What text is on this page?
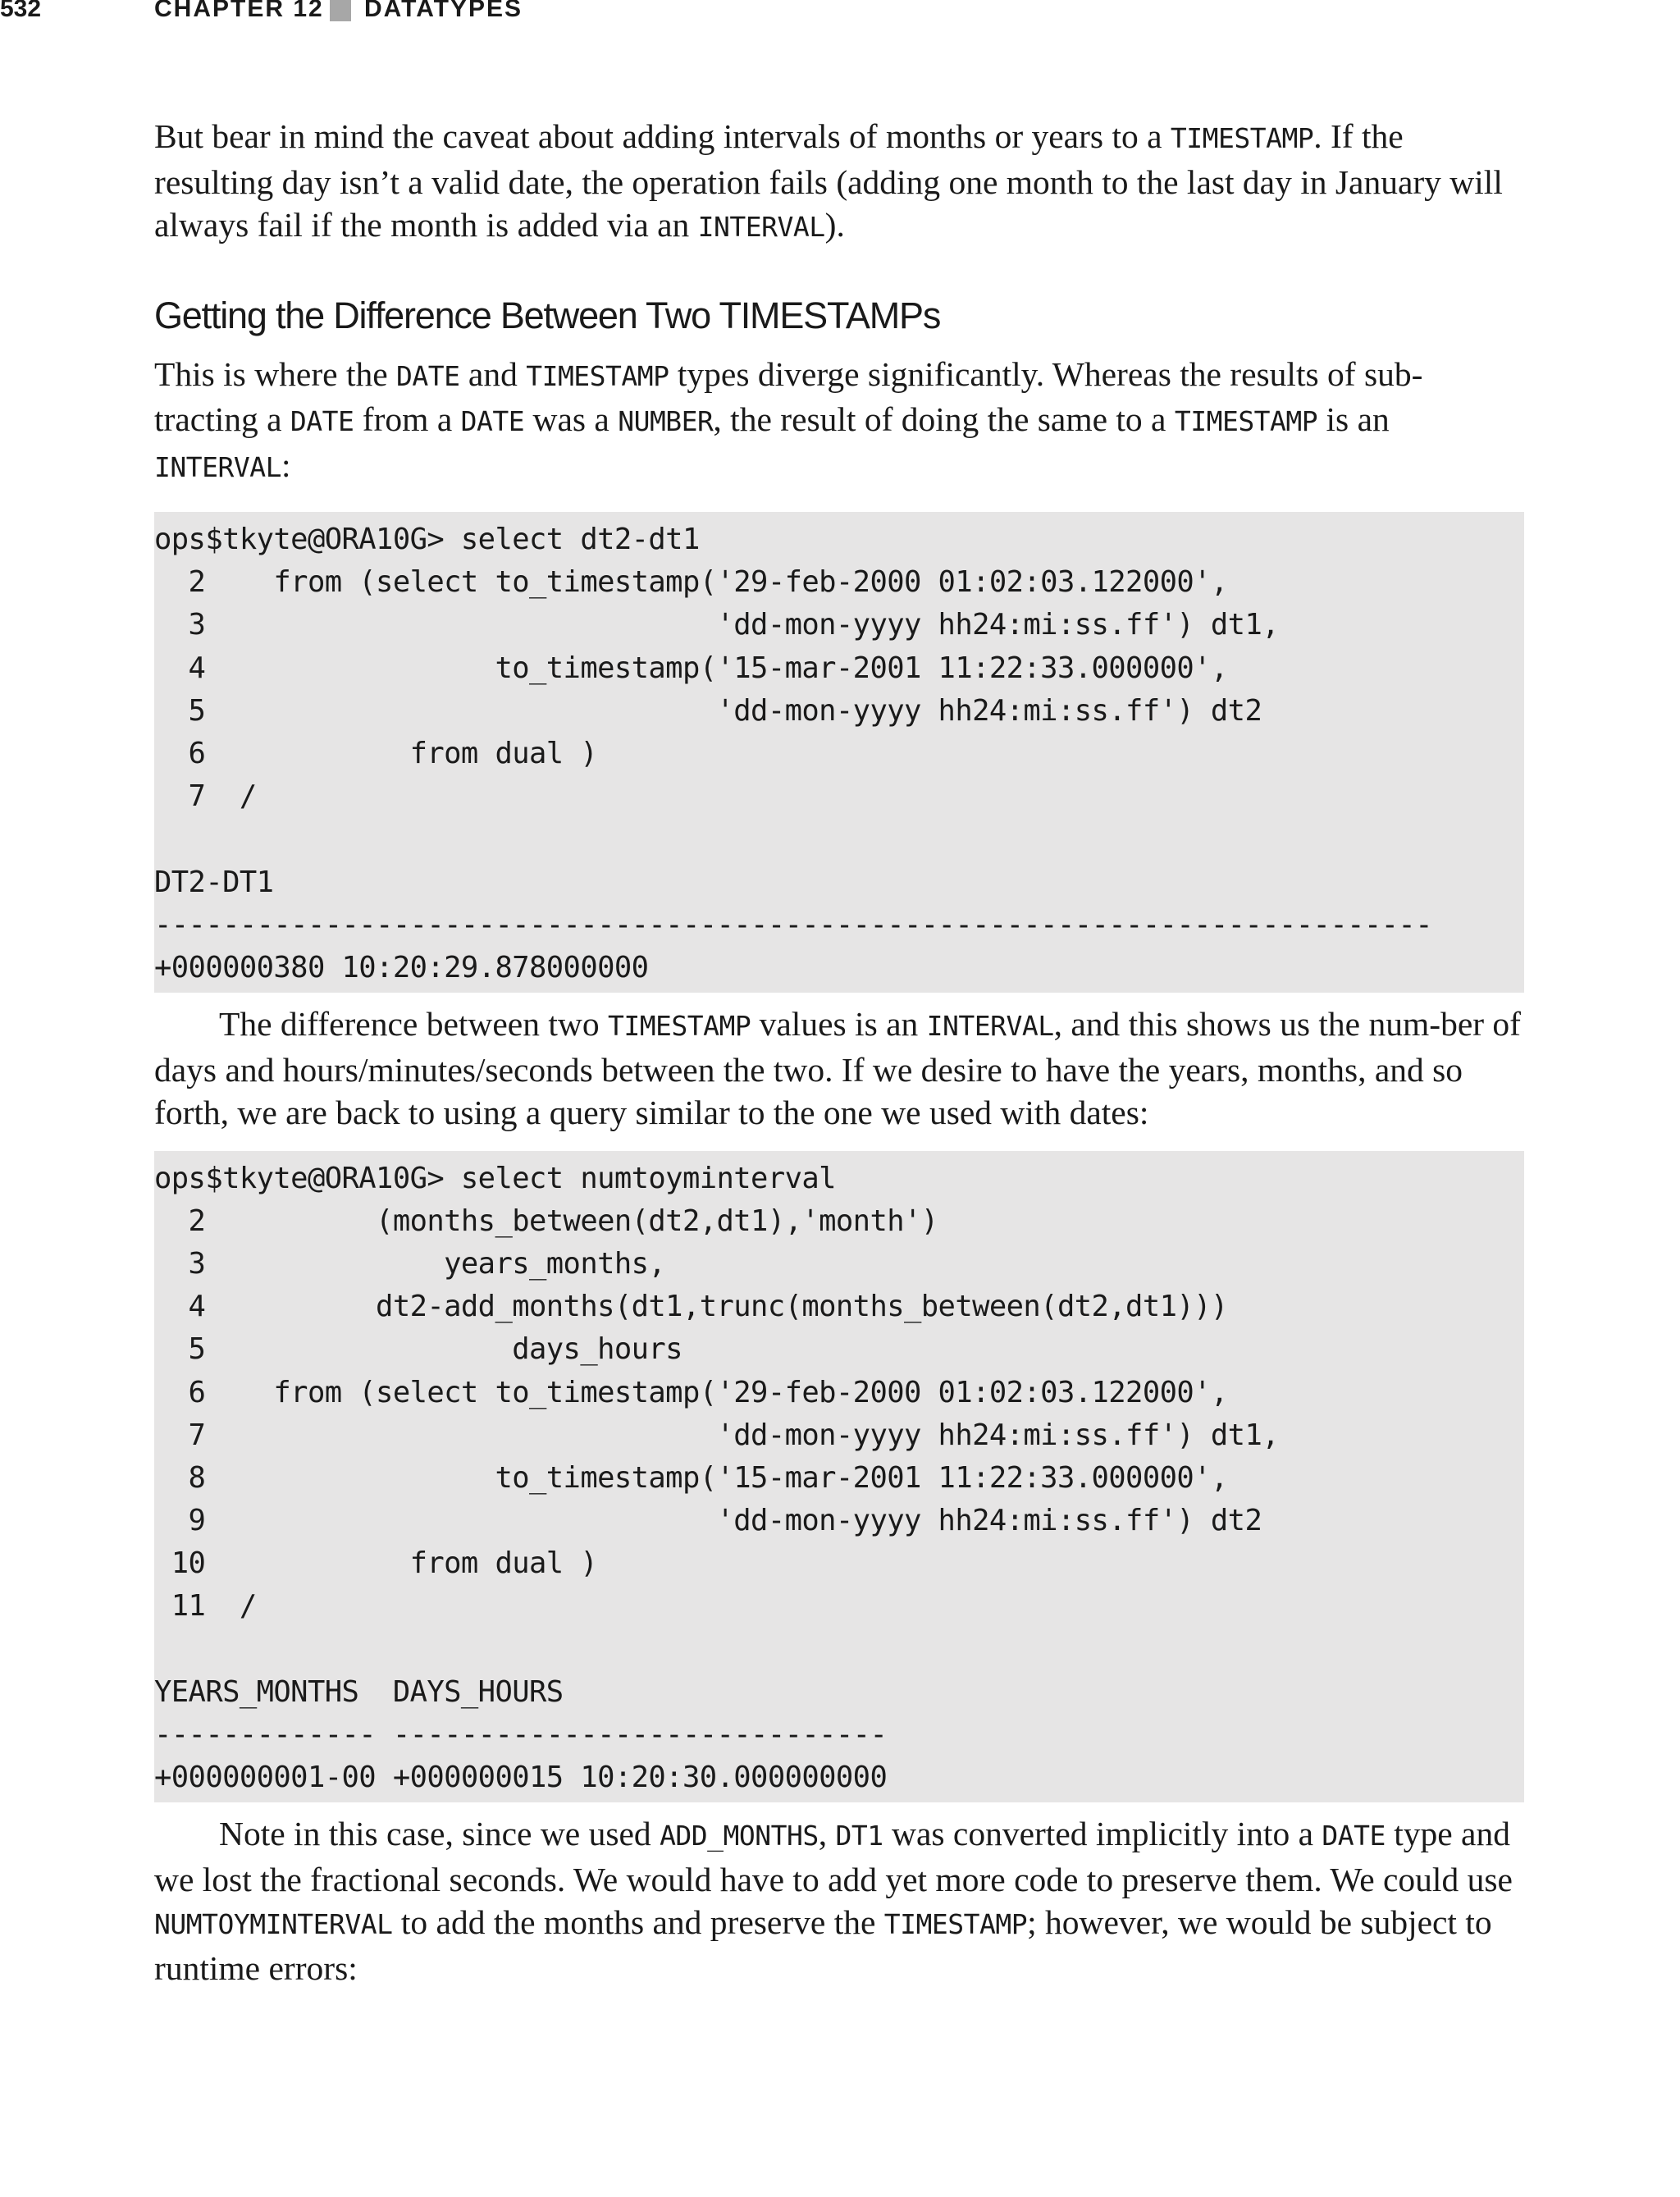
532	CHAPTER 12 DATATYPES

But bear in mind the caveat about adding intervals of months or years to a TIMESTAMP. If the resulting day isn’t a valid date, the operation fails (adding one month to the last day in January will always fail if the month is added via an INTERVAL).

Getting the Difference Between Two TIMESTAMPs

This is where the DATE and TIMESTAMP types diverge significantly. Whereas the results of sub-tracting a DATE from a DATE was a NUMBER, the result of doing the same to a TIMESTAMP is an INTERVAL:

ops$tkyte@ORA10G> select dt2-dt1
2    from (select to_timestamp('29-feb-2000 01:02:03.122000',
3                              'dd-mon-yyyy hh24:mi:ss.ff') dt1,
4                 to_timestamp('15-mar-2001 11:22:33.000000',
5                              'dd-mon-yyyy hh24:mi:ss.ff') dt2
6            from dual )
7  /

DT2-DT1
---------------------------------------------------------------------------
+000000380 10:20:29.878000000

The difference between two TIMESTAMP values is an INTERVAL, and this shows us the num-ber of days and hours/minutes/seconds between the two. If we desire to have the years, months, and so forth, we are back to using a query similar to the one we used with dates:

ops$tkyte@ORA10G> select numtoyminterval
2          (months_between(dt2,dt1),'month')
3              years_months,
4          dt2-add_months(dt1,trunc(months_between(dt2,dt1)))
5                  days_hours
6    from (select to_timestamp('29-feb-2000 01:02:03.122000',
7                              'dd-mon-yyyy hh24:mi:ss.ff') dt1,
8                 to_timestamp('15-mar-2001 11:22:33.000000',
9                              'dd-mon-yyyy hh24:mi:ss.ff') dt2
10            from dual )
11  /

YEARS_MONTHS  DAYS_HOURS
------------- -----------------------------
+000000001-00 +000000015 10:20:30.000000000

Note in this case, since we used ADD_MONTHS, DT1 was converted implicitly into a DATE type and we lost the fractional seconds. We would have to add yet more code to preserve them. We could use NUMTOYMINTERVAL to add the months and preserve the TIMESTAMP; however, we would be subject to runtime errors:
